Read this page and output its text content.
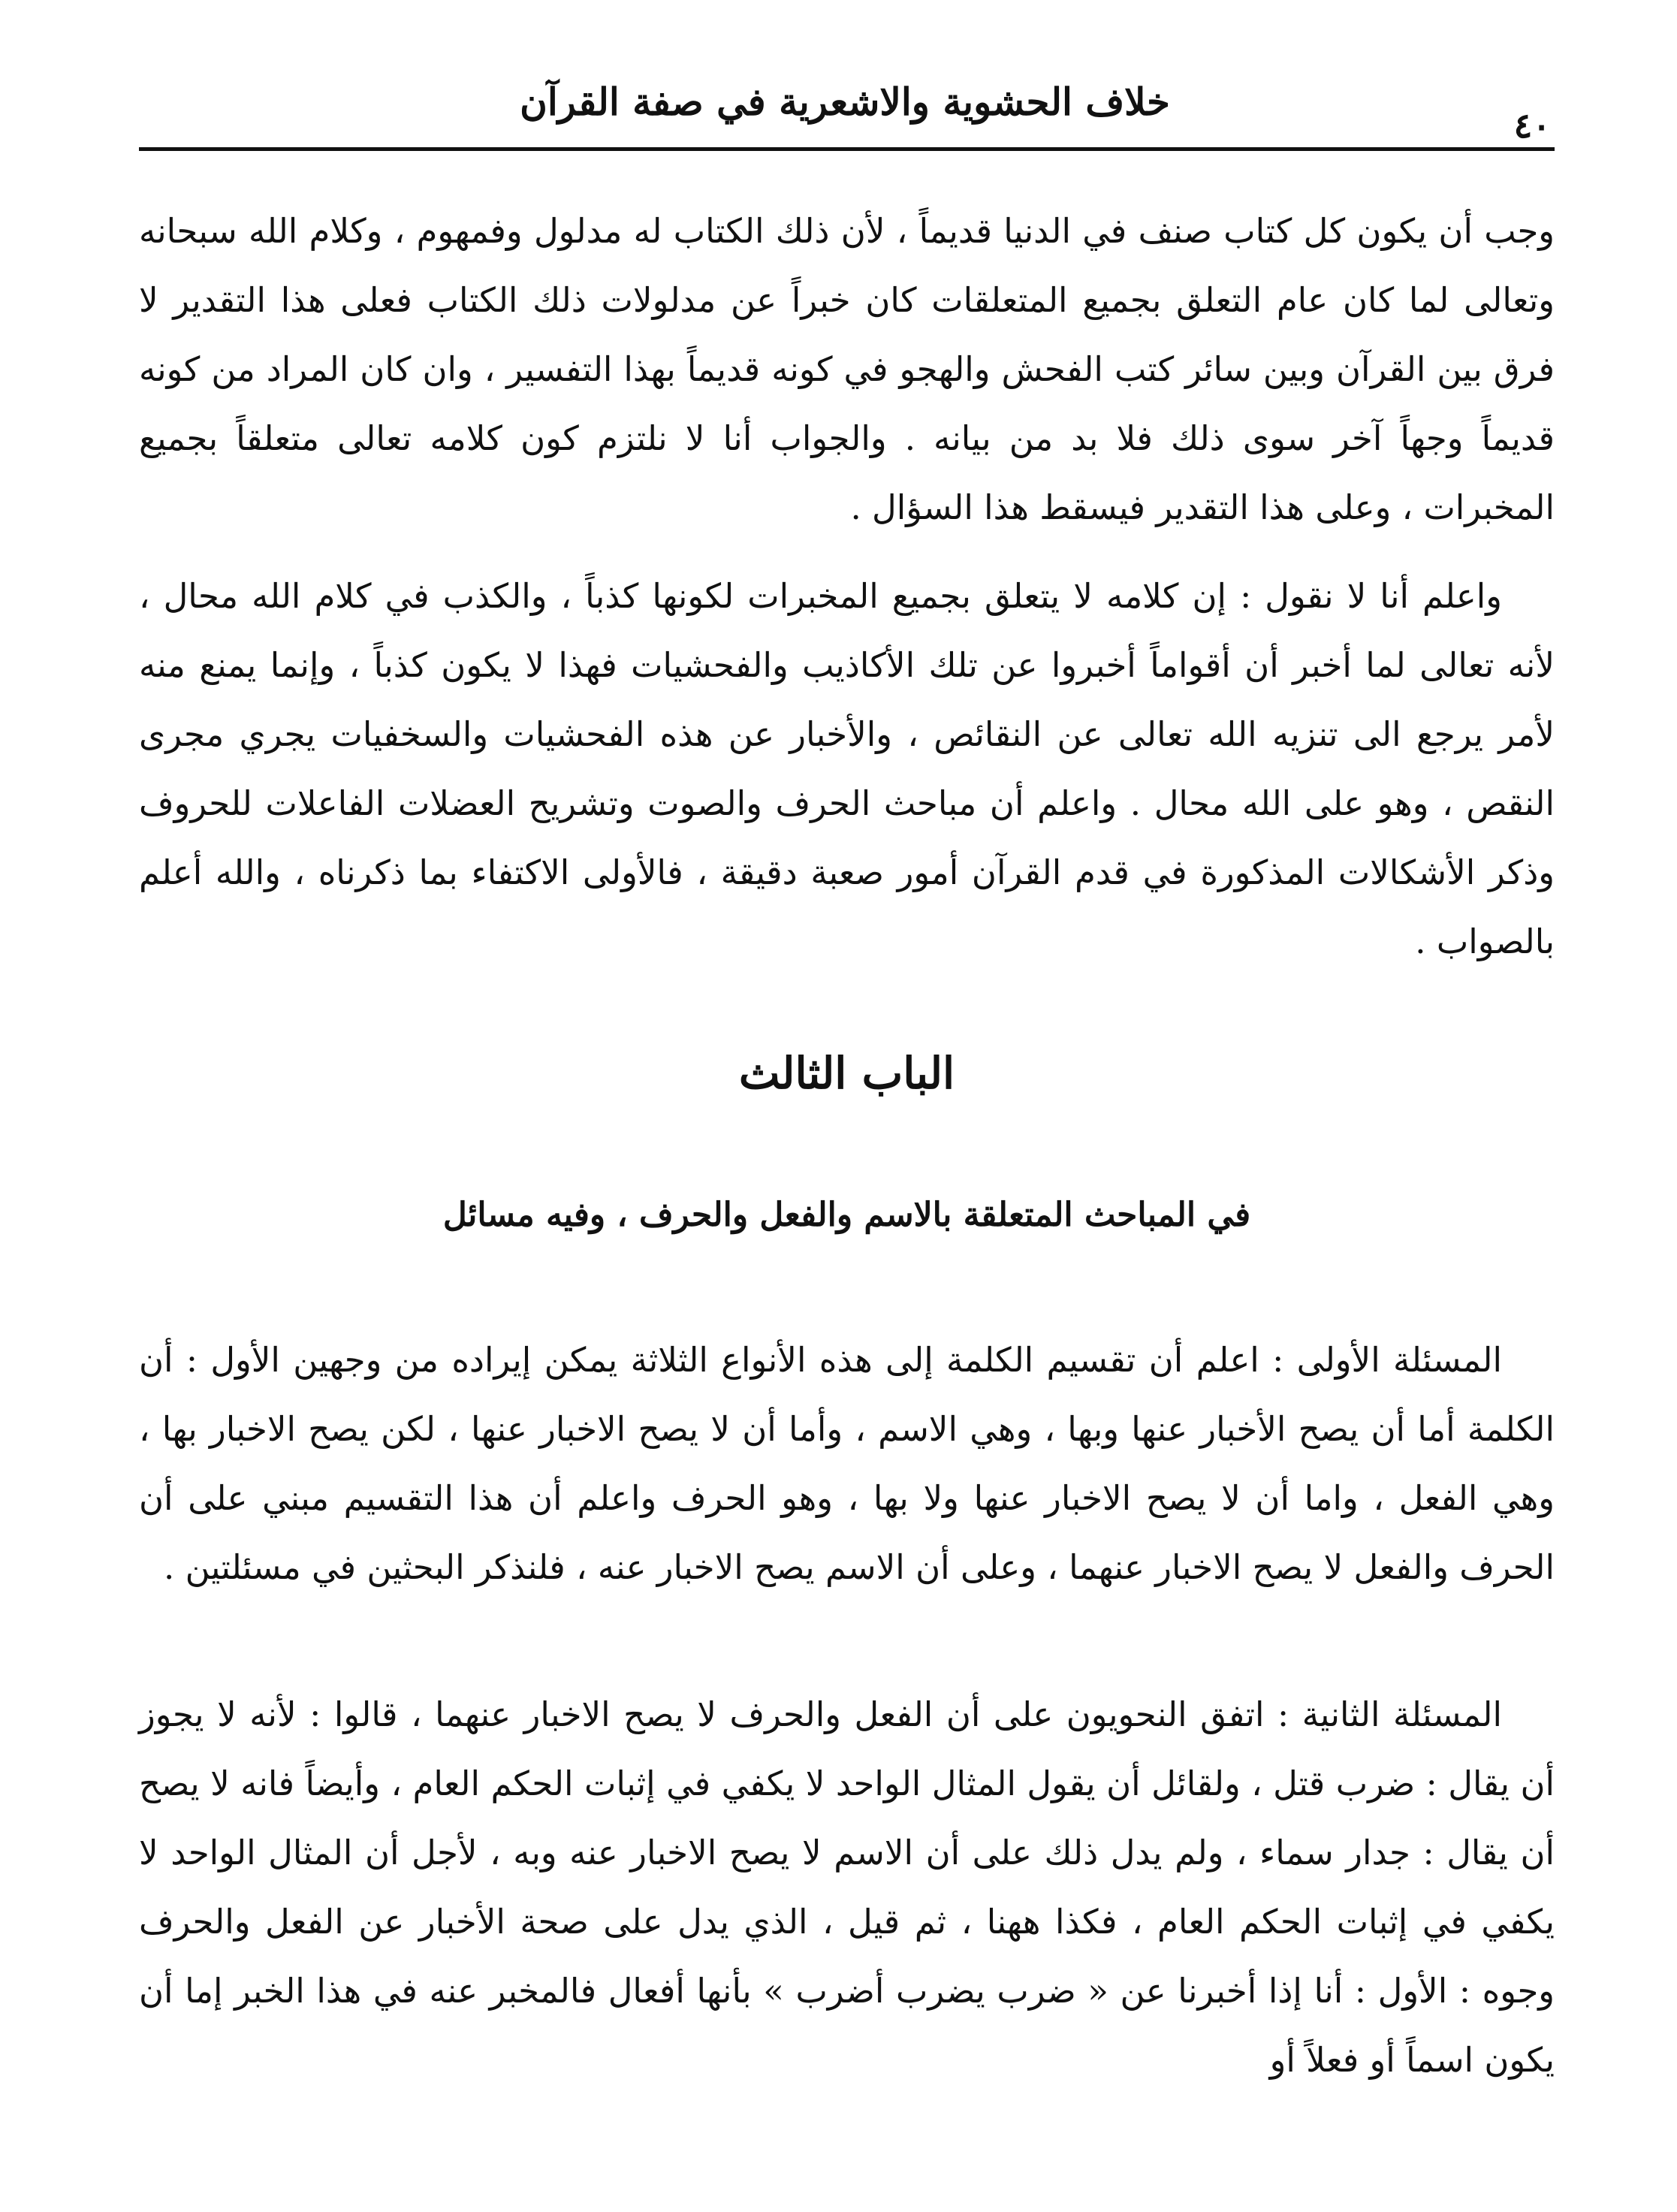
٤٠
خلاف الحشوية والاشعرية في صفة القرآن

وجب أن يكون كل كتاب صنف في الدنيا قديماً ، لأن ذلك الكتاب له مدلول وفمهوم ، وكلام الله سبحانه وتعالى لما كان عام التعلق بجميع المتعلقات كان خبراً عن مدلولات ذلك الكتاب فعلى هذا التقدير لا فرق بين القرآن وبين سائر كتب الفحش والهجو في كونه قديماً بهذا التفسير ، وان كان المراد من كونه قديماً وجهاً آخر سوى ذلك فلا بد من بيانه . والجواب أنا لا نلتزم كون كلامه تعالى متعلقاً بجميع المخبرات ، وعلى هذا التقدير فيسقط هذا السؤال .

واعلم أنا لا نقول : إن كلامه لا يتعلق بجميع المخبرات لكونها كذباً ، والكذب في كلام الله محال ، لأنه تعالى لما أخبر أن أقواماً أخبروا عن تلك الأكاذيب والفحشيات فهذا لا يكون كذباً ، وإنما يمنع منه لأمر يرجع الى تنزيه الله تعالى عن النقائص ، والأخبار عن هذه الفحشيات والسخفيات يجري مجرى النقص ، وهو على الله محال . واعلم أن مباحث الحرف والصوت وتشريح العضلات الفاعلات للحروف وذكر الأشكالات المذكورة في قدم القرآن أمور صعبة دقيقة ، فالأولى الاكتفاء بما ذكرناه ، والله أعلم بالصواب .

الباب الثالث
في المباحث المتعلقة بالاسم والفعل والحرف ، وفيه مسائل

المسئلة الأولى : اعلم أن تقسيم الكلمة إلى هذه الأنواع الثلاثة يمكن إيراده من وجهين الأول : أن الكلمة أما أن يصح الأخبار عنها وبها ، وهي الاسم ، وأما أن لا يصح الاخبار عنها ، لكن يصح الاخبار بها ، وهي الفعل ، واما أن لا يصح الاخبار عنها ولا بها ، وهو الحرف واعلم أن هذا التقسيم مبني على أن الحرف والفعل لا يصح الاخبار عنهما ، وعلى أن الاسم يصح الاخبار عنه ، فلنذكر البحثين في مسئلتين .

المسئلة الثانية : اتفق النحويون على أن الفعل والحرف لا يصح الاخبار عنهما ، قالوا : لأنه لا يجوز أن يقال : ضرب قتل ، ولقائل أن يقول المثال الواحد لا يكفي في إثبات الحكم العام ، وأيضاً فانه لا يصح أن يقال : جدار سماء ، ولم يدل ذلك على أن الاسم لا يصح الاخبار عنه وبه ، لأجل أن المثال الواحد لا يكفي في إثبات الحكم العام ، فكذا ههنا ، ثم قيل ، الذي يدل على صحة الأخبار عن الفعل والحرف وجوه : الأول : أنا إذا أخبرنا عن « ضرب يضرب أضرب » بأنها أفعال فالمخبر عنه في هذا الخبر إما أن يكون اسماً أو فعلاً أو
